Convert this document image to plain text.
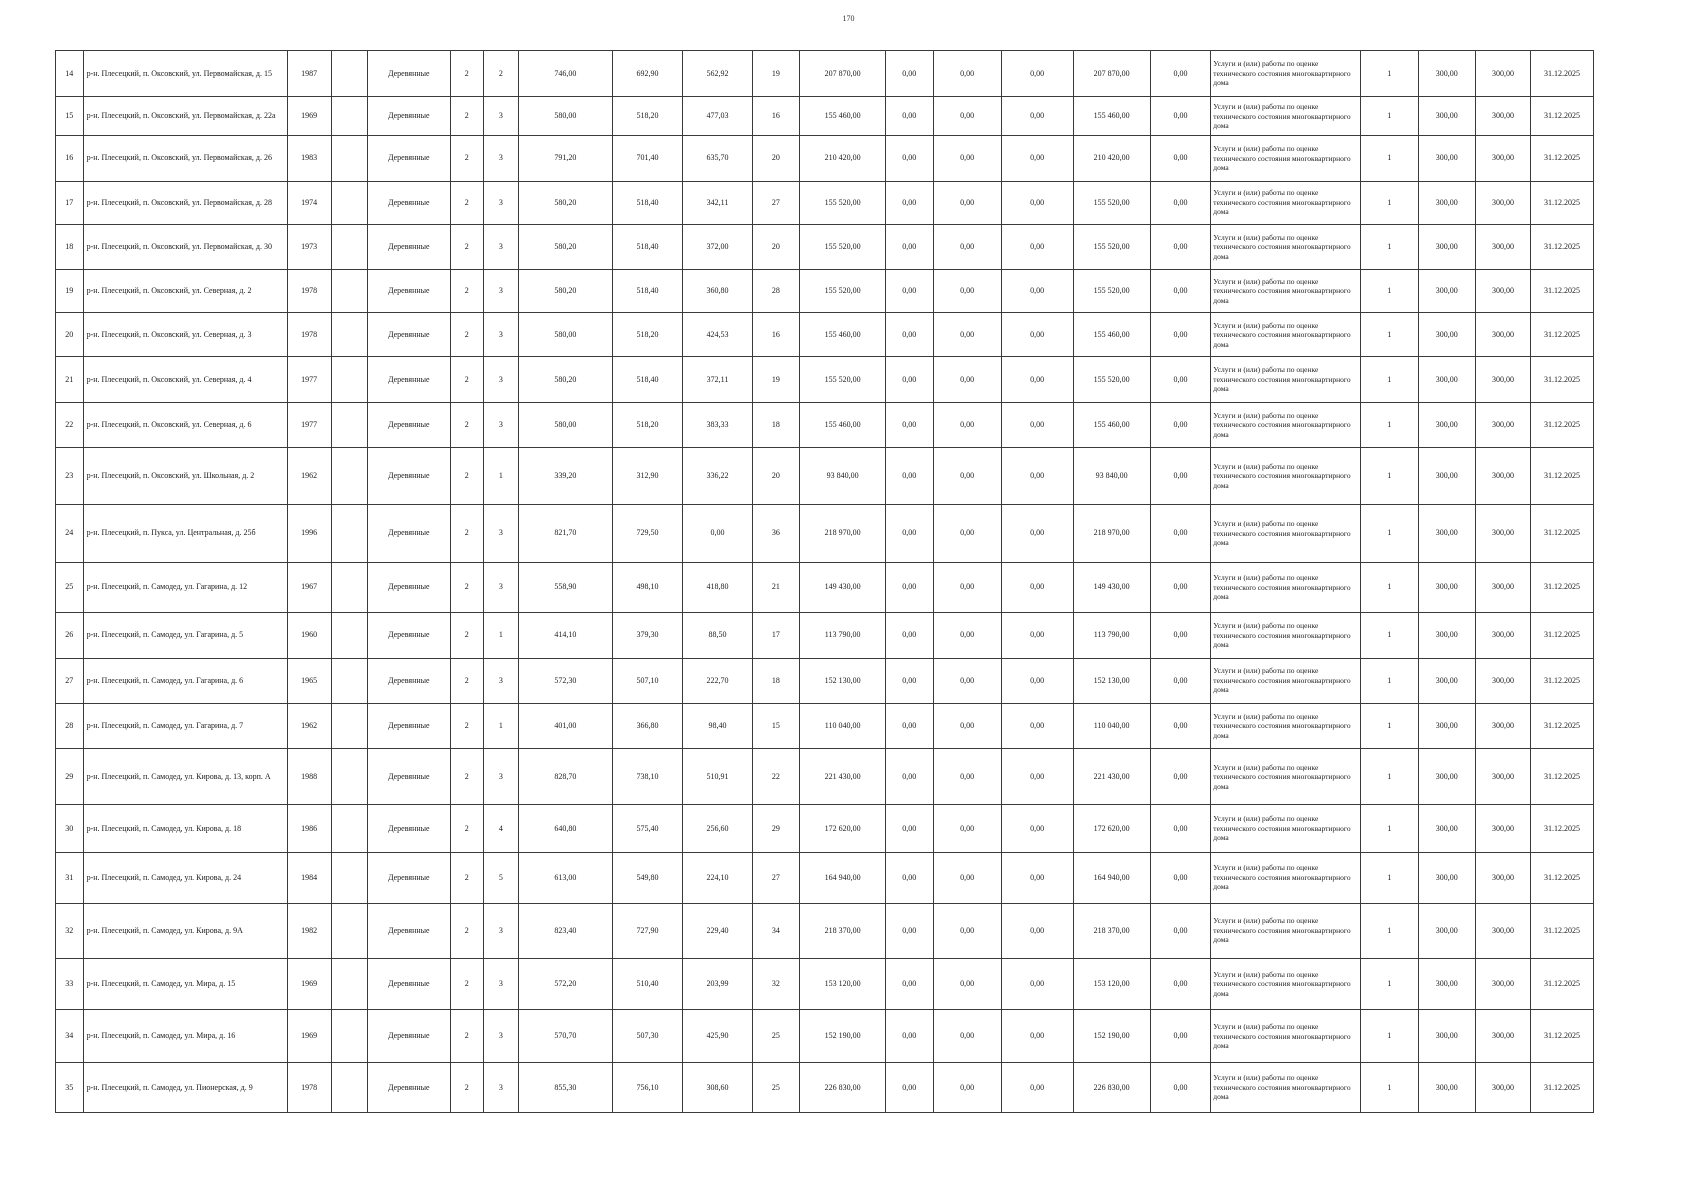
170
14	р-н. Плесецкий, п. Оксовский, ул. Первомайская, д. 15	1987		Деревянные	2	2	746,00	692,90	562,92	19	207 870,00	0,00	0,00	0,00	207 870,00	0,00	Услуги и (или) работы по оценке технического состояния многоквартирного дома	1	300,00	300,00	31.12.2025
15	р-н. Плесецкий, п. Оксовский, ул. Первомайская, д. 22а	1969		Деревянные	2	3	580,00	518,20	477,03	16	155 460,00	0,00	0,00	0,00	155 460,00	0,00	Услуги и (или) работы по оценке технического состояния многоквартирного дома	1	300,00	300,00	31.12.2025
16	р-н. Плесецкий, п. Оксовский, ул. Первомайская, д. 26	1983		Деревянные	2	3	791,20	701,40	635,70	20	210 420,00	0,00	0,00	0,00	210 420,00	0,00	Услуги и (или) работы по оценке технического состояния многоквартирного дома	1	300,00	300,00	31.12.2025
17	р-н. Плесецкий, п. Оксовский, ул. Первомайская, д. 28	1974		Деревянные	2	3	580,20	518,40	342,11	27	155 520,00	0,00	0,00	0,00	155 520,00	0,00	Услуги и (или) работы по оценке технического состояния многоквартирного дома	1	300,00	300,00	31.12.2025
18	р-н. Плесецкий, п. Оксовский, ул. Первомайская, д. 30	1973		Деревянные	2	3	580,20	518,40	372,00	20	155 520,00	0,00	0,00	0,00	155 520,00	0,00	Услуги и (или) работы по оценке технического состояния многоквартирного дома	1	300,00	300,00	31.12.2025
19	р-н. Плесецкий, п. Оксовский, ул. Северная, д. 2	1978		Деревянные	2	3	580,20	518,40	360,80	28	155 520,00	0,00	0,00	0,00	155 520,00	0,00	Услуги и (или) работы по оценке технического состояния многоквартирного дома	1	300,00	300,00	31.12.2025
20	р-н. Плесецкий, п. Оксовский, ул. Северная, д. 3	1978		Деревянные	2	3	580,00	518,20	424,53	16	155 460,00	0,00	0,00	0,00	155 460,00	0,00	Услуги и (или) работы по оценке технического состояния многоквартирного дома	1	300,00	300,00	31.12.2025
21	р-н. Плесецкий, п. Оксовский, ул. Северная, д. 4	1977		Деревянные	2	3	580,20	518,40	372,11	19	155 520,00	0,00	0,00	0,00	155 520,00	0,00	Услуги и (или) работы по оценке технического состояния многоквартирного дома	1	300,00	300,00	31.12.2025
22	р-н. Плесецкий, п. Оксовский, ул. Северная, д. 6	1977		Деревянные	2	3	580,00	518,20	383,33	18	155 460,00	0,00	0,00	0,00	155 460,00	0,00	Услуги и (или) работы по оценке технического состояния многоквартирного дома	1	300,00	300,00	31.12.2025
23	р-н. Плесецкий, п. Оксовский, ул. Школьная, д. 2	1962		Деревянные	2	1	339,20	312,90	336,22	20	93 840,00	0,00	0,00	0,00	93 840,00	0,00	Услуги и (или) работы по оценке технического состояния многоквартирного дома	1	300,00	300,00	31.12.2025
24	р-н. Плесецкий, п. Пуксa, ул. Центральная, д. 25б	1996		Деревянные	2	3	821,70	729,50	0,00	36	218 970,00	0,00	0,00	0,00	218 970,00	0,00	Услуги и (или) работы по оценке технического состояния многоквартирного дома	1	300,00	300,00	31.12.2025
25	р-н. Плесецкий, п. Самодед, ул. Гагарина, д. 12	1967		Деревянные	2	3	558,90	498,10	418,80	21	149 430,00	0,00	0,00	0,00	149 430,00	0,00	Услуги и (или) работы по оценке технического состояния многоквартирного дома	1	300,00	300,00	31.12.2025
26	р-н. Плесецкий, п. Самодед, ул. Гагарина, д. 5	1960		Деревянные	2	1	414,10	379,30	88,50	17	113 790,00	0,00	0,00	0,00	113 790,00	0,00	Услуги и (или) работы по оценке технического состояния многоквартирного дома	1	300,00	300,00	31.12.2025
27	р-н. Плесецкий, п. Самодед, ул. Гагарина, д. 6	1965		Деревянные	2	3	572,30	507,10	222,70	18	152 130,00	0,00	0,00	0,00	152 130,00	0,00	Услуги и (или) работы по оценке технического состояния многоквартирного дома	1	300,00	300,00	31.12.2025
28	р-н. Плесецкий, п. Самодед, ул. Гагарина, д. 7	1962		Деревянные	2	1	401,00	366,80	98,40	15	110 040,00	0,00	0,00	0,00	110 040,00	0,00	Услуги и (или) работы по оценке технического состояния многоквартирного дома	1	300,00	300,00	31.12.2025
29	р-н. Плесецкий, п. Самодед, ул. Кирова, д. 13, корп. А	1988		Деревянные	2	3	828,70	738,10	510,91	22	221 430,00	0,00	0,00	0,00	221 430,00	0,00	Услуги и (или) работы по оценке технического состояния многоквартирного дома	1	300,00	300,00	31.12.2025
30	р-н. Плесецкий, п. Самодед, ул. Кирова, д. 18	1986		Деревянные	2	4	640,80	575,40	256,60	29	172 620,00	0,00	0,00	0,00	172 620,00	0,00	Услуги и (или) работы по оценке технического состояния многоквартирного дома	1	300,00	300,00	31.12.2025
31	р-н. Плесецкий, п. Самодед, ул. Кирова, д. 24	1984		Деревянные	2	5	613,00	549,80	224,10	27	164 940,00	0,00	0,00	0,00	164 940,00	0,00	Услуги и (или) работы по оценке технического состояния многоквартирного дома	1	300,00	300,00	31.12.2025
32	р-н. Плесецкий, п. Самодед, ул. Кирова, д. 9А	1982		Деревянные	2	3	823,40	727,90	229,40	34	218 370,00	0,00	0,00	0,00	218 370,00	0,00	Услуги и (или) работы по оценке технического состояния многоквартирного дома	1	300,00	300,00	31.12.2025
33	р-н. Плесецкий, п. Самодед, ул. Мира, д. 15	1969		Деревянные	2	3	572,20	510,40	203,99	32	153 120,00	0,00	0,00	0,00	153 120,00	0,00	Услуги и (или) работы по оценке технического состояния многоквартирного дома	1	300,00	300,00	31.12.2025
34	р-н. Плесецкий, п. Самодед, ул. Мира, д. 16	1969		Деревянные	2	3	570,70	507,30	425,90	25	152 190,00	0,00	0,00	0,00	152 190,00	0,00	Услуги и (или) работы по оценке технического состояния многоквартирного дома	1	300,00	300,00	31.12.2025
35	р-н. Плесецкий, п. Самодед, ул. Пионерская, д. 9	1978		Деревянные	2	3	855,30	756,10	308,60	25	226 830,00	0,00	0,00	0,00	226 830,00	0,00	Услуги и (или) работы по оценке технического состояния многоквартирного дома	1	300,00	300,00	31.12.2025
